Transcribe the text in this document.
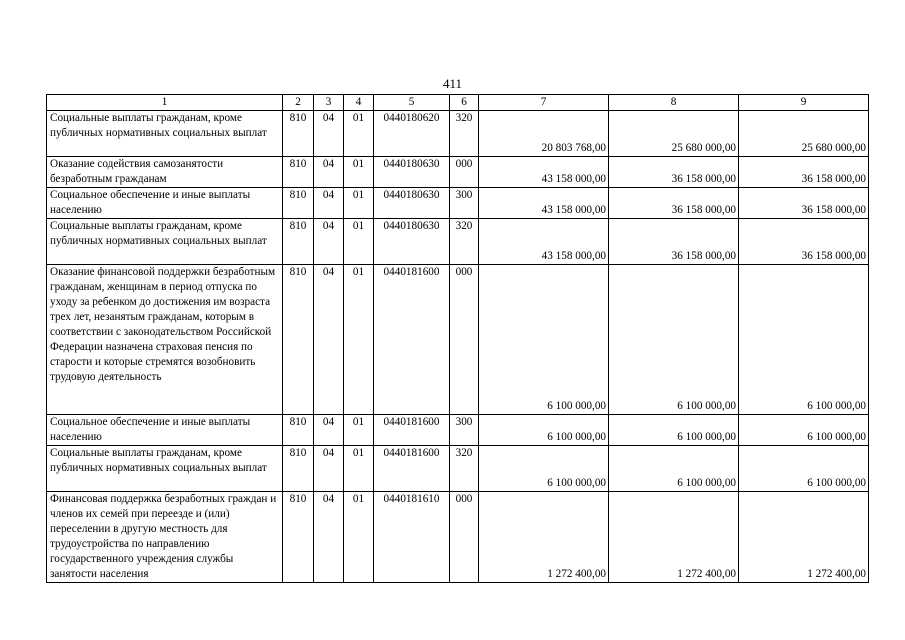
411
1	2	3	4	5	6	7	8	9
Социальные выплаты гражданам, кроме публичных нормативных социальных выплат	810	04	01	0440180620	320	20 803 768,00	25 680 000,00	25 680 000,00
Оказание содействия самозанятости безработным гражданам	810	04	01	0440180630	000	43 158 000,00	36 158 000,00	36 158 000,00
Социальное обеспечение и иные выплаты населению	810	04	01	0440180630	300	43 158 000,00	36 158 000,00	36 158 000,00
Социальные выплаты гражданам, кроме публичных нормативных социальных выплат	810	04	01	0440180630	320	43 158 000,00	36 158 000,00	36 158 000,00
Оказание финансовой поддержки безработным гражданам, женщинам в период отпуска по уходу за ребенком до достижения им возраста трех лет, незанятым гражданам, которым в соответствии с законодательством Российской Федерации назначена страховая пенсия по старости и которые стремятся возобновить трудовую деятельность	810	04	01	0440181600	000	6 100 000,00	6 100 000,00	6 100 000,00
Социальное обеспечение и иные выплаты населению	810	04	01	0440181600	300	6 100 000,00	6 100 000,00	6 100 000,00
Социальные выплаты гражданам, кроме публичных нормативных социальных выплат	810	04	01	0440181600	320	6 100 000,00	6 100 000,00	6 100 000,00
Финансовая поддержка безработных граждан и членов их семей при переезде и (или) переселении в другую местность для трудоустройства по направлению государственного учреждения службы занятости населения	810	04	01	0440181610	000	1 272 400,00	1 272 400,00	1 272 400,00
